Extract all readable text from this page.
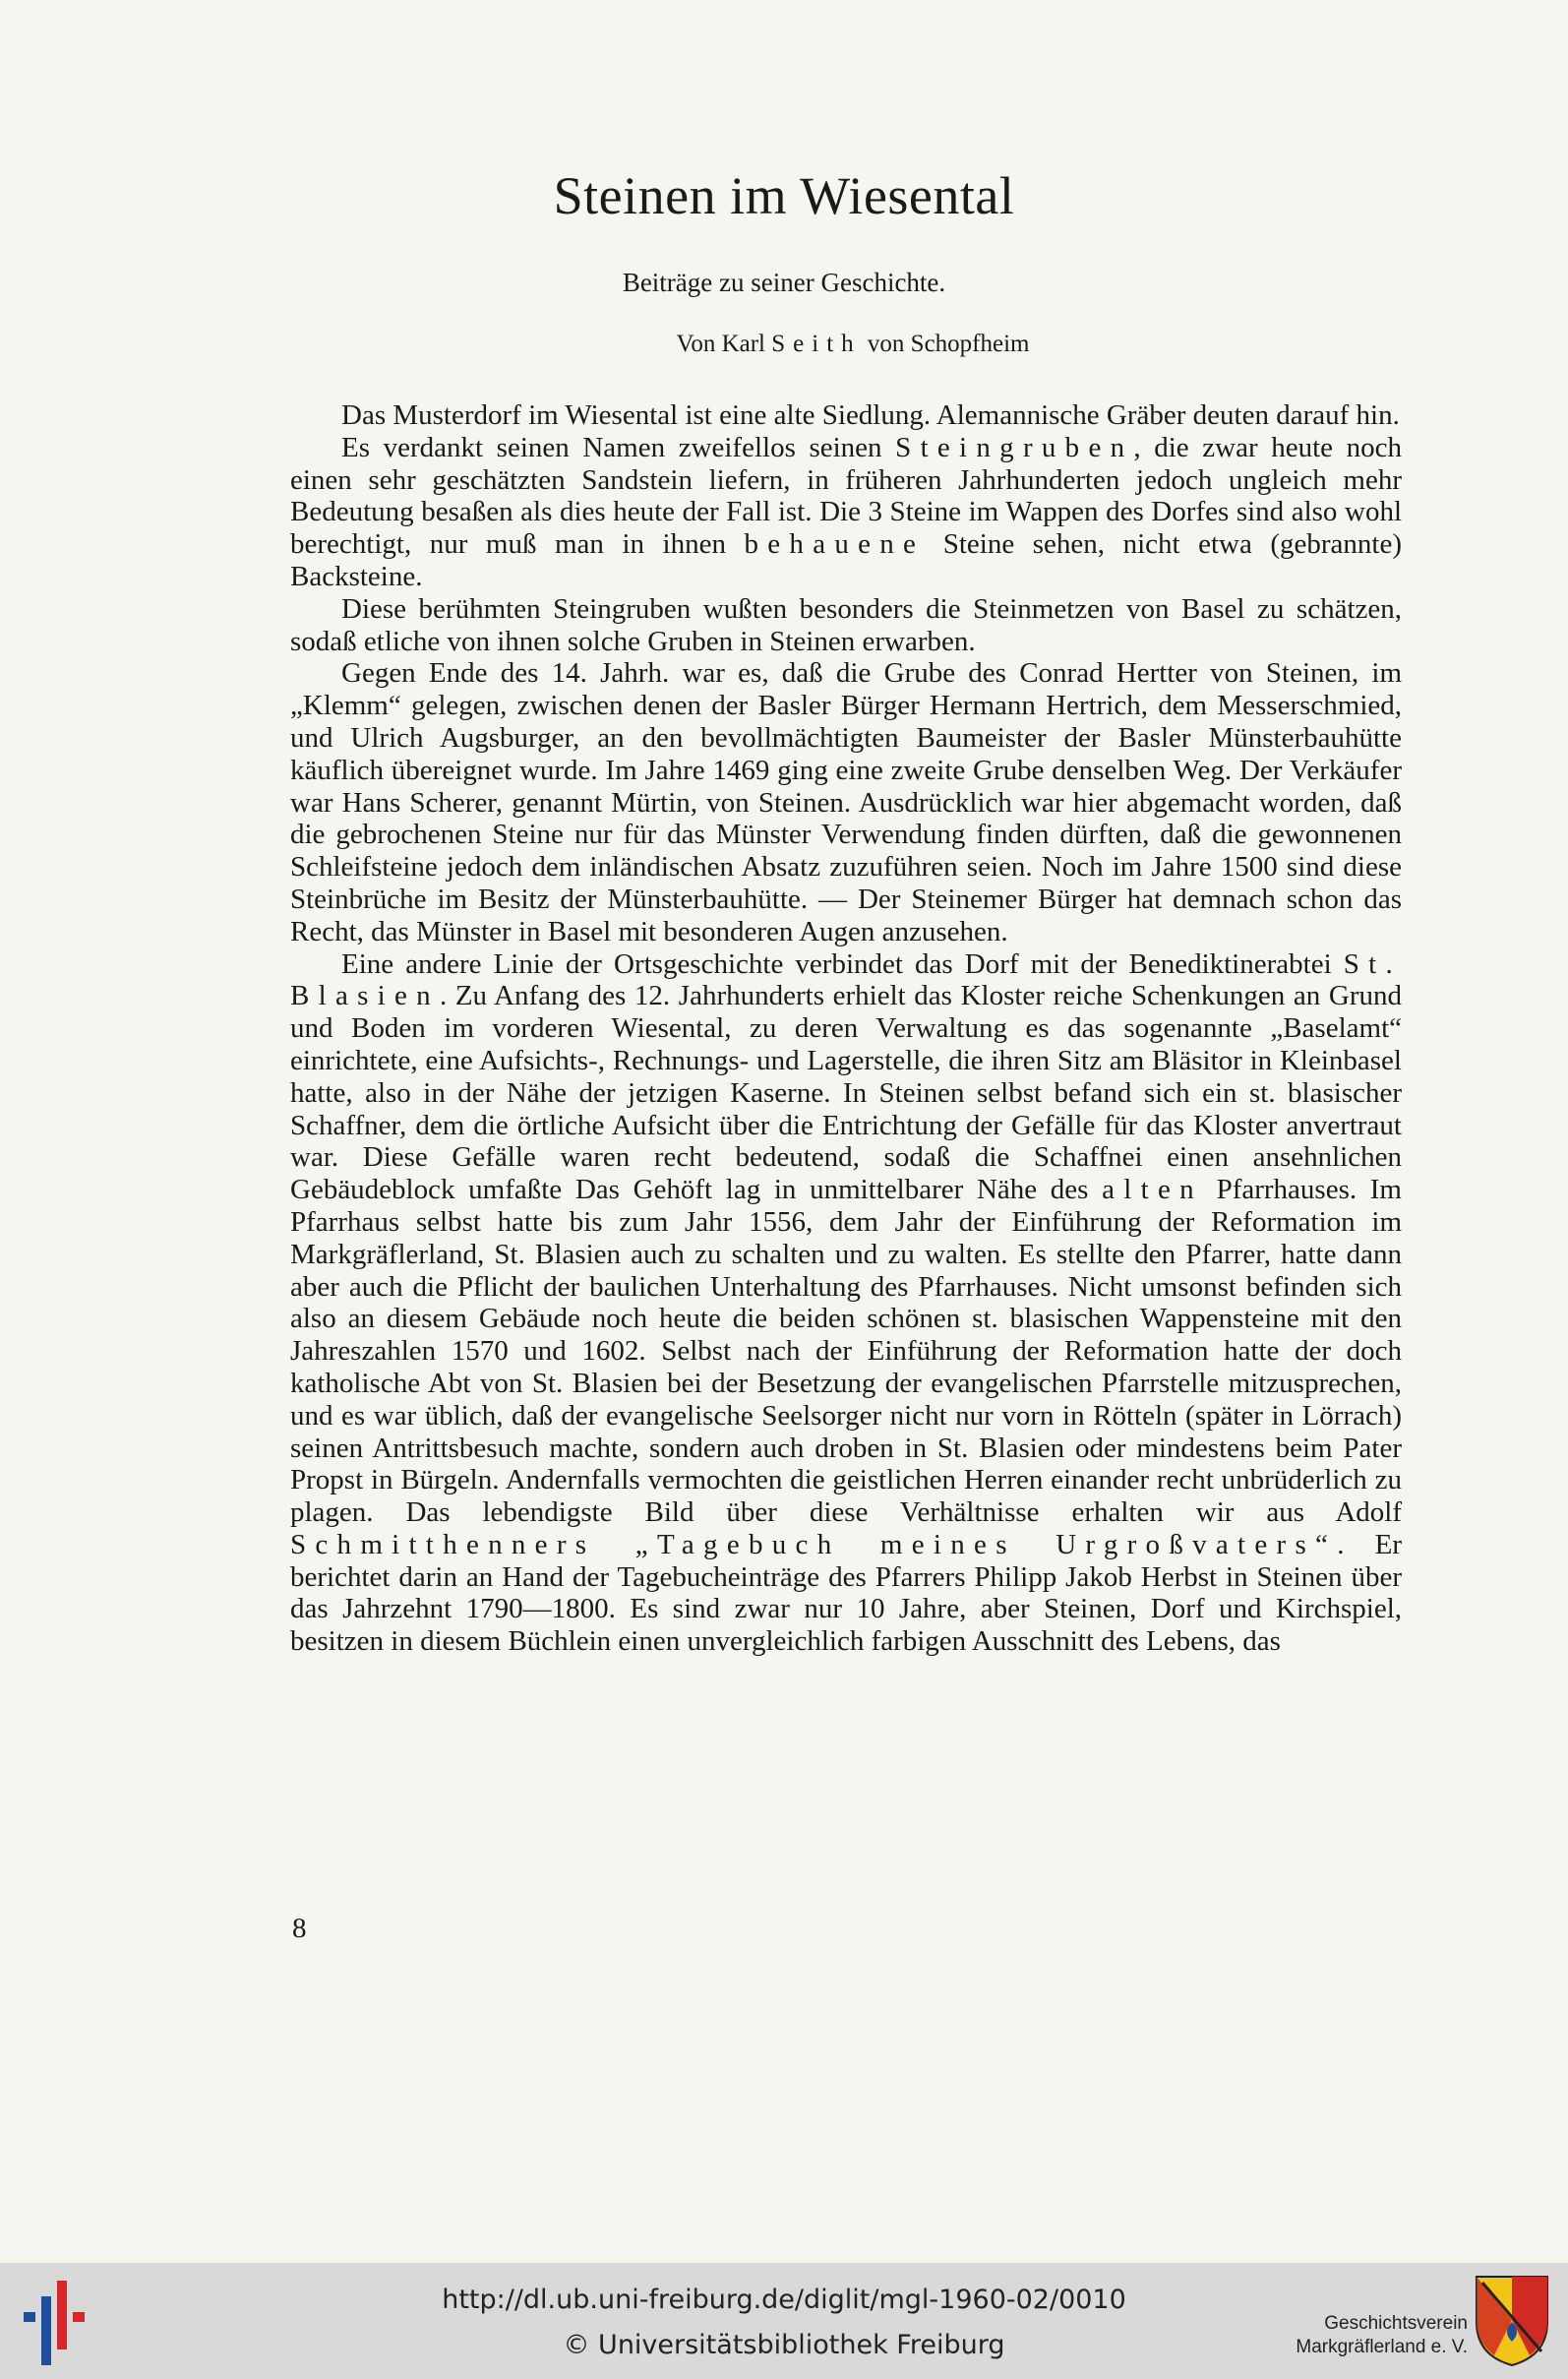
Steinen im Wiesental
Beiträge zu seiner Geschichte.
Von Karl Seith von Schopfheim

Das Musterdorf im Wiesental ist eine alte Siedlung. Alemannische Gräber deuten darauf hin.

Es verdankt seinen Namen zweifellos seinen Steingruben, die zwar heute noch einen sehr geschätzten Sandstein liefern, in früheren Jahrhunderten jedoch ungleich mehr Bedeutung besaßen als dies heute der Fall ist. Die 3 Steine im Wappen des Dorfes sind also wohl berechtigt, nur muß man in ihnen behauene Steine sehen, nicht etwa (gebrannte) Backsteine.

Diese berühmten Steingruben wußten besonders die Steinmetzen von Basel zu schätzen, sodaß etliche von ihnen solche Gruben in Steinen erwarben.

Gegen Ende des 14. Jahrh. war es, daß die Grube des Conrad Hertter von Steinen, im „Klemm“ gelegen, zwischen denen der Basler Bürger Hermann Hertrich, dem Messerschmied, und Ulrich Augsburger, an den bevollmächtigten Baumeister der Basler Münsterbauhütte käuflich übereignet wurde. Im Jahre 1469 ging eine zweite Grube denselben Weg. Der Verkäufer war Hans Scherer, genannt Mürtin, von Steinen. Ausdrücklich war hier abgemacht worden, daß die gebrochenen Steine nur für das Münster Verwendung finden dürften, daß die gewonnenen Schleifsteine jedoch dem inländischen Absatz zuzuführen seien. Noch im Jahre 1500 sind diese Steinbrüche im Besitz der Münsterbauhütte. — Der Steinemer Bürger hat demnach schon das Recht, das Münster in Basel mit besonderen Augen anzusehen.

Eine andere Linie der Ortsgeschichte verbindet das Dorf mit der Benediktinerabtei St. Blasien. Zu Anfang des 12. Jahrhunderts erhielt das Kloster reiche Schenkungen an Grund und Boden im vorderen Wiesental, zu deren Verwaltung es das sogenannte „Baselamt“ einrichtete, eine Aufsichts-, Rechnungs- und Lagerstelle, die ihren Sitz am Bläsitor in Kleinbasel hatte, also in der Nähe der jetzigen Kaserne. In Steinen selbst befand sich ein st. blasischer Schaffner, dem die örtliche Aufsicht über die Entrichtung der Gefälle für das Kloster anvertraut war. Diese Gefälle waren recht bedeutend, sodaß die Schaffnei einen ansehnlichen Gebäudeblock umfaßte Das Gehöft lag in unmittelbarer Nähe des alten Pfarrhauses. Im Pfarrhaus selbst hatte bis zum Jahr 1556, dem Jahr der Einführung der Reformation im Markgräflerland, St. Blasien auch zu schalten und zu walten. Es stellte den Pfarrer, hatte dann aber auch die Pflicht der baulichen Unterhaltung des Pfarrhauses. Nicht umsonst befinden sich also an diesem Gebäude noch heute die beiden schönen st. blasischen Wappensteine mit den Jahreszahlen 1570 und 1602. Selbst nach der Einführung der Reformation hatte der doch katholische Abt von St. Blasien bei der Besetzung der evangelischen Pfarrstelle mitzusprechen, und es war üblich, daß der evangelische Seelsorger nicht nur vorn in Rötteln (später in Lörrach) seinen Antrittsbesuch machte, sondern auch droben in St. Blasien oder mindestens beim Pater Propst in Bürgeln. Andernfalls vermochten die geistlichen Herren einander recht unbrüderlich zu plagen. Das lebendigste Bild über diese Verhältnisse erhalten wir aus Adolf Schmitthenners „Tagebuch meines Urgroßvaters“. Er berichtet darin an Hand der Tagebucheinträge des Pfarrers Philipp Jakob Herbst in Steinen über das Jahrzehnt 1790—1800. Es sind zwar nur 10 Jahre, aber Steinen, Dorf und Kirchspiel, besitzen in diesem Büchlein einen unvergleichlich farbigen Ausschnitt des Lebens, das

8
http://dl.ub.uni-freiburg.de/diglit/mgl-1960-02/0010
© Universitätsbibliothek Freiburg
Geschichtsverein
Markgräflerland e. V.
